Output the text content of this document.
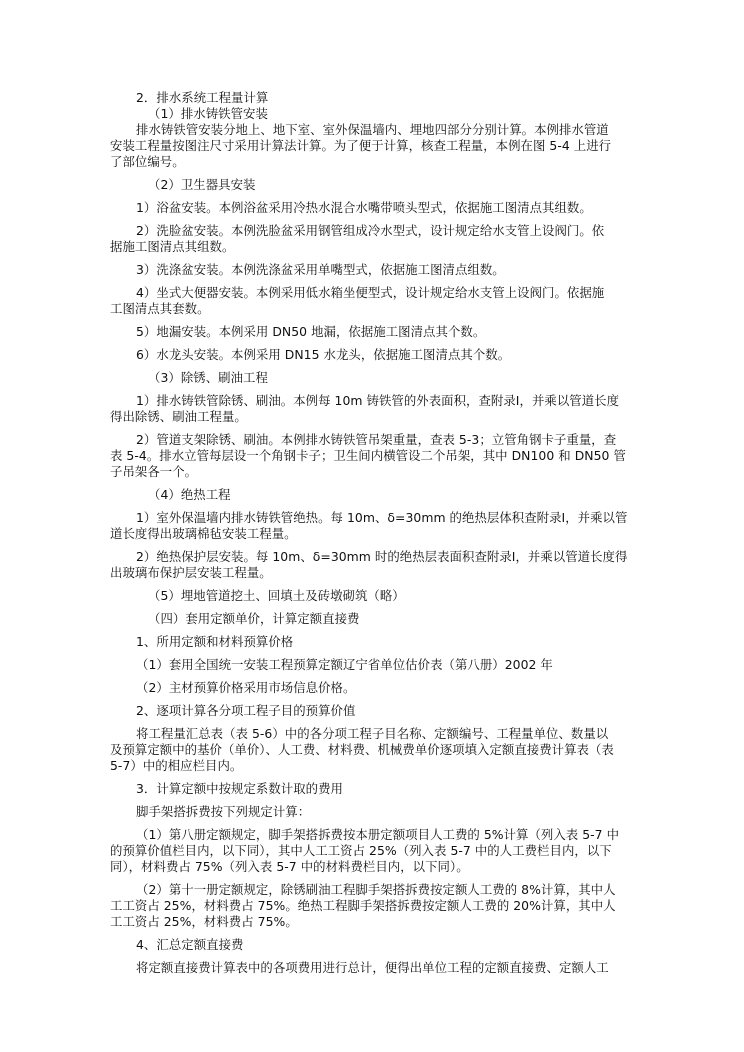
2．排水系统工程量计算
（1）排水铸铁管安装
排水铸铁管安装分地上、地下室、室外保温墙内、埋地四部分分别计算。本例排水管道
安装工程量按图注尺寸采用计算法计算。为了便于计算，核查工程量，本例在图 5-4 上进行
了部位编号。
（2）卫生器具安装
1）浴盆安装。本例浴盆采用冷热水混合水嘴带喷头型式，依据施工图清点其组数。
2）洗脸盆安装。本例洗脸盆采用钢管组成冷水型式，设计规定给水支管上设阀门。依
据施工图清点其组数。
3）洗涤盆安装。本例洗涤盆采用单嘴型式，依据施工图清点组数。
4）坐式大便器安装。本例采用低水箱坐便型式，设计规定给水支管上设阀门。依据施
工图清点其套数。
5）地漏安装。本例采用 DN50 地漏，依据施工图清点其个数。
6）水龙头安装。本例采用 DN15 水龙头，依据施工图清点其个数。
（3）除锈、刷油工程
1）排水铸铁管除锈、刷油。本例每 10m 铸铁管的外表面积，查附录Ⅰ，并乘以管道长度
得出除锈、刷油工程量。
2）管道支架除锈、刷油。本例排水铸铁管吊架重量，查表 5-3；立管角钢卡子重量，查
表 5-4。排水立管每层设一个角钢卡子；卫生间内横管设二个吊架，其中 DN100 和 DN50 管
子吊架各一个。
（4）绝热工程
1）室外保温墙内排水铸铁管绝热。每 10m、δ=30mm 的绝热层体积查附录Ⅰ，并乘以管
道长度得出玻璃棉毡安装工程量。
2）绝热保护层安装。每 10m、δ=30mm 时的绝热层表面积查附录Ⅰ，并乘以管道长度得
出玻璃布保护层安装工程量。
（5）埋地管道挖土、回填土及砖墩砌筑（略）
（四）套用定额单价，计算定额直接费
1、所用定额和材料预算价格
（1）套用全国统一安装工程预算定额辽宁省单位估价表（第八册）2002 年
（2）主材预算价格采用市场信息价格。
2、逐项计算各分项工程子目的预算价值
将工程量汇总表（表 5-6）中的各分项工程子目名称、定额编号、工程量单位、数量以
及预算定额中的基价（单价）、人工费、材料费、机械费单价逐项填入定额直接费计算表（表
5-7）中的相应栏目内。
3．计算定额中按规定系数计取的费用
脚手架搭拆费按下列规定计算：
（1）第八册定额规定，脚手架搭拆费按本册定额项目人工费的 5%计算（列入表 5-7 中
的预算价值栏目内，以下同），其中人工工资占 25%（列入表 5-7 中的人工费栏目内，以下
同），材料费占 75%（列入表 5-7 中的材料费栏目内，以下同）。
（2）第十一册定额规定，除锈刷油工程脚手架搭拆费按定额人工费的 8%计算，其中人
工工资占 25%，材料费占 75%。绝热工程脚手架搭拆费按定额人工费的 20%计算，其中人
工工资占 25%，材料费占 75%。
4、汇总定额直接费
将定额直接费计算表中的各项费用进行总计，便得出单位工程的定额直接费、定额人工
